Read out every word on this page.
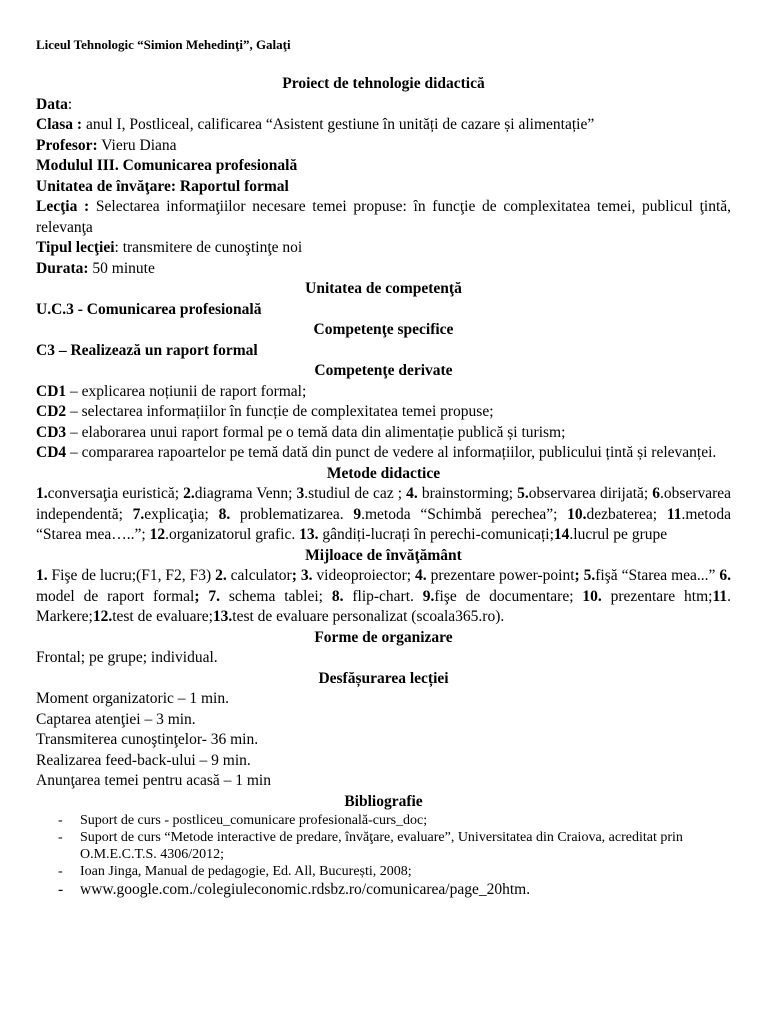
Liceul Tehnologic “Simion Mehedinţi”, Galaţi
Proiect de tehnologie didactică

Data:

Clasa : anul I, Postliceal, calificarea “Asistent gestiune în unități de cazare și alimentație”

Profesor: Vieru Diana

Modulul III. Comunicarea profesională

Unitatea de învăţare: Raportul formal

Lecţia : Selectarea informaţiilor necesare temei propuse: în funcţie de complexitatea temei, publicul ţintă, relevanţa

Tipul lecţiei: transmitere de cunoştinţe noi

Durata: 50 minute

Unitatea de competenţă

U.C.3 - Comunicarea profesională

Competenţe specifice

C3 – Realizează un raport formal

Competenţe derivate

CD1 – explicarea noțiunii de raport formal;

CD2 – selectarea informațiilor în funcție de complexitatea temei propuse;

CD3 – elaborarea unui raport formal pe o temă data din alimentație publică și turism;

CD4 – compararea rapoartelor pe temă dată din punct de vedere al informațiilor, publicului țintă și relevanței.

Metode didactice

1.conversaţia euristică; 2.diagrama Venn; 3.studiul de caz ; 4. brainstorming; 5.observarea dirijată; 6.observarea independentă; 7.explicaţia; 8. problematizarea. 9.metoda “Schimbă perechea”; 10.dezbaterea; 11.metoda “Starea mea…..”; 12.organizatorul grafic. 13. gândiți-lucrați în perechi-comunicați;14.lucrul pe grupe

Mijloace de învăţământ

1. Fişe de lucru;(F1, F2, F3) 2. calculator; 3. videoproiector; 4. prezentare power-point; 5.fişă “Starea mea...” 6. model de raport formal; 7. schema tablei; 8. flip-chart. 9.fişe de documentare; 10. prezentare htm;11. Markere;12.test de evaluare;13.test de evaluare personalizat (scoala365.ro).

Forme de organizare

Frontal; pe grupe; individual.

Desfășurarea lecției
Moment organizatoric – 1 min.
Captarea atenţiei – 3 min.
Transmiterea cunoştinţelor- 36 min.
Realizarea feed-back-ului – 9 min.
Anunţarea temei pentru acasă – 1 min
Bibliografie
- Suport de curs - postliceu_comunicare profesională-curs_doc;
- Suport de curs “Metode interactive de predare, învăţare, evaluare”, Universitatea din Craiova, acreditat prin O.M.E.C.T.S. 4306/2012;
- Ioan Jinga, Manual de pedagogie, Ed. All, București, 2008;
- www.google.com./colegiuleconomic.rdsbz.ro/comunicarea/page_20htm.
